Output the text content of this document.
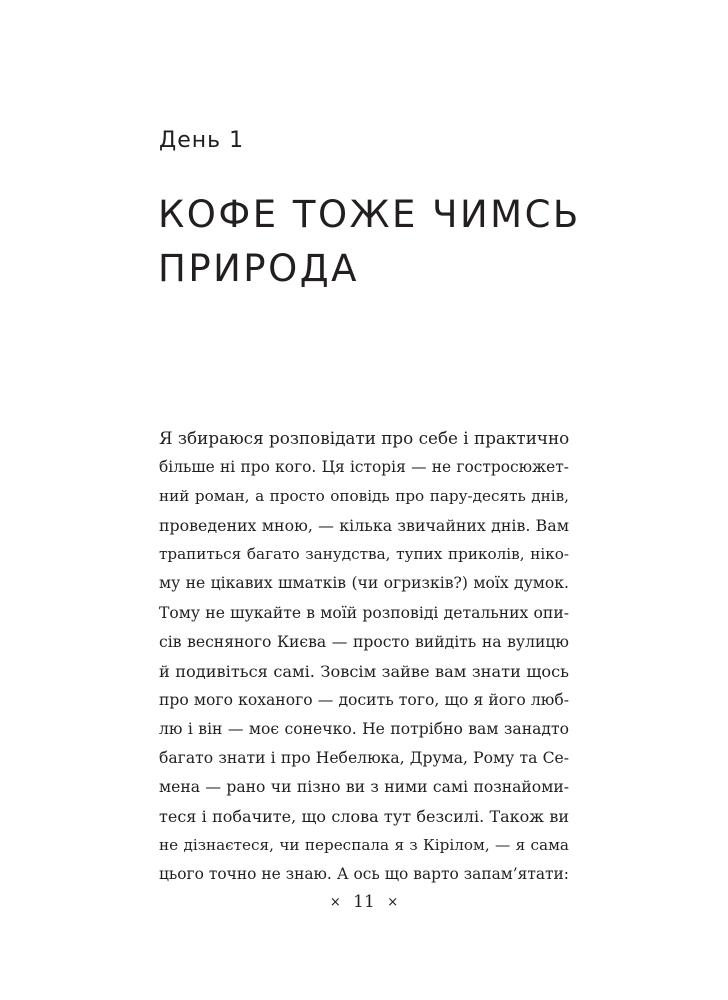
День 1
КОФЕ ТОЖЕ ЧИМСЬ
ПРИРОДА
Я збираюся розповідати про себе і практично
більше ні про кого. Ця історія — не гостросюжет-
ний роман, а просто оповідь про пару-десять днів,
проведених мною, — кілька звичайних днів. Вам
трапиться багато занудства, тупих приколів, ніко-
му не цікавих шматків (чи огризків?) моїх думок.
Тому не шукайте в моїй розповіді детальних опи-
сів весняного Києва — просто вийдіть на вулицю
й подивіться самі. Зовсім зайве вам знати щось
про мого коханого — досить того, що я його люб-
лю і він — моє сонечко. Не потрібно вам занадто
багато знати і про Небелюка, Друма, Рому та Се-
мена — рано чи пізно ви з ними самі познайоми-
теся і побачите, що слова тут безсилі. Також ви
не дізнаєтеся, чи переспала я з Кірілом, — я сама
цього точно не знаю. А ось що варто запам’ятати:
× 11 ×
